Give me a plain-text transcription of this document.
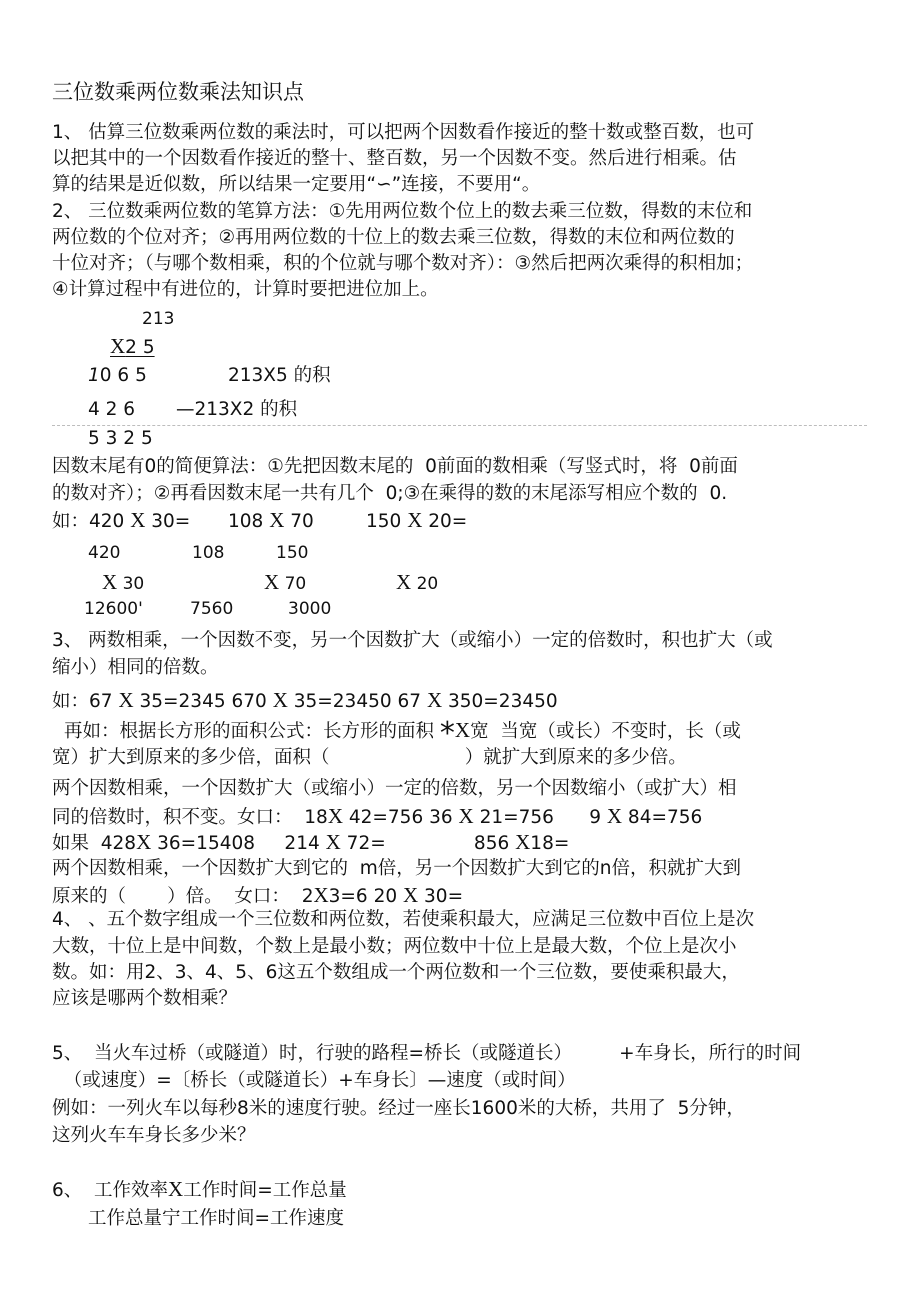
三位数乘两位数乘法知识点
1、 估算三位数乘两位数的乘法时，可以把两个因数看作接近的整十数或整百数，也可
以把其中的一个因数看作接近的整十、整百数，另一个因数不变。然后进行相乘。估
算的结果是近似数，所以结果一定要用“∽”连接，不要用“。
2、 三位数乘两位数的笔算方法：①先用两位数个位上的数去乘三位数，得数的末位和
两位数的个位对齐；②再用两位数的十位上的数去乘三位数，得数的末位和两位数的
十位对齐；（与哪个数相乘，积的个位就与哪个数对齐）：③然后把两次乘得的积相加；
④计算过程中有进位的，计算时要把进位加上。
213
X2 5
10 6 5	213X5 的积
4 2 6 —213X2 的积
5 3 2 5
因数末尾有0的简便算法：①先把因数末尾的  0前面的数相乘（写竖式时，将  0前面
的数对齐）；②再看因数末尾一共有几个  0;③在乘得的数的末尾添写相应个数的  0.
如：420 X 30= 108 X 70	150 X 20=
420	108	150
X 30	X 70	X 20
12600'	7560	3000
3、 两数相乘，一个因数不变，另一个因数扩大（或缩小）一定的倍数时，积也扩大（或
缩小）相同的倍数。
如：67 X 35=2345 670 X 35=23450 67 X 350=23450
再如：根据长方形的面积公式：长方形的面积 *X宽  当宽（或长）不变时，长（或
宽）扩大到原来的多少倍，面积（                       ）就扩大到原来的多少倍。
两个因数相乘，一个因数扩大（或缩小）一定的倍数，另一个因数缩小（或扩大）相
同的倍数时，积不变。女口：  18X 42=756 36 X 21=756      9 X 84=756
如果  428X 36=15408     214 X 72=               856 X18=
两个因数相乘，一个因数扩大到它的  m倍，另一个因数扩大到它的n倍，积就扩大到
原来的（       ）倍。  女口：  2X3=6 20 X 30=
4、 、五个数字组成一个三位数和两位数，若使乘积最大，应满足三位数中百位上是次
大数，十位上是中间数，个数上是最小数；两位数中十位上是最大数，个位上是次小
数。如：用2、3、4、5、6这五个数组成一个两位数和一个三位数，要使乘积最大，
应该是哪两个数相乘？
5、  当火车过桥（或隧道）时，行驶的路程=桥长（或隧道长）        +车身长，所行的时间
（或速度）=〔桥长（或隧道长）+车身长〕—速度（或时间）
例如：一列火车以每秒8米的速度行驶。经过一座长1600米的大桥，共用了  5分钟，
这列火车车身长多少米？
6、  工作效率X工作时间=工作总量
工作总量宁工作时间=工作速度
